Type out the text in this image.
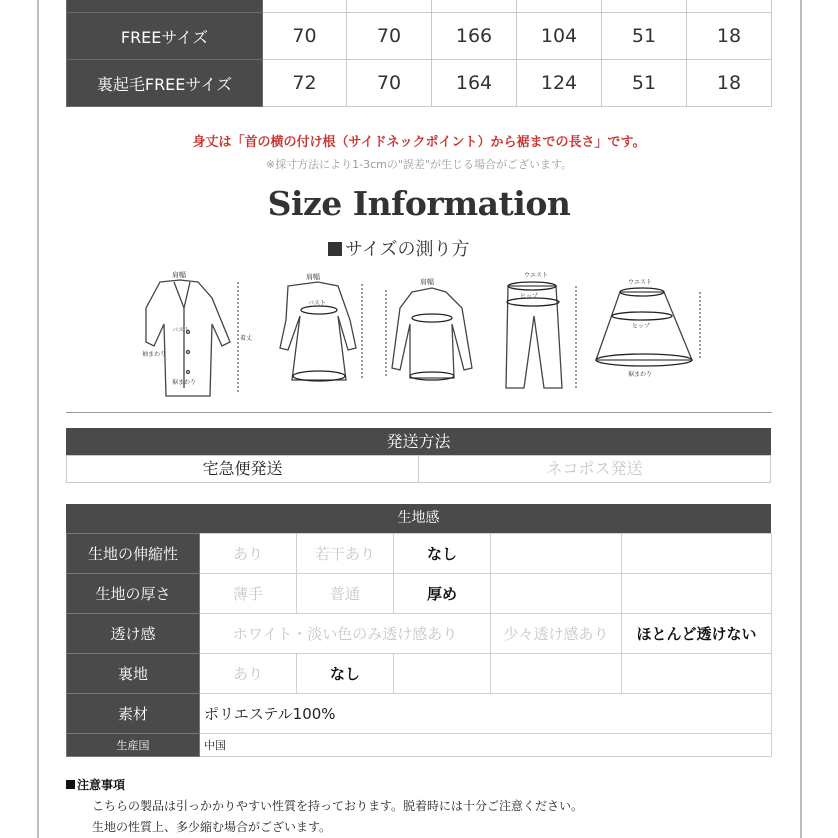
FREEサイズ	70	70	166	104	51	18
裏起毛FREEサイズ	72	70	164	124	51	18
身丈は「首の横の付け根（サイドネックポイント）から裾までの長さ」です。
※採寸方法により1-3cmの"誤差"が生じる場合がございます。
Size Information
サイズの測り方
肩幅
バスト
着丈
袖まわり
裾まわり
肩幅
バスト
肩幅
ウエスト
ヒップ
ウエスト
ヒップ
裾まわり
発送方法
宅急便発送	ネコポス発送
生地感
生地の伸縮性	あり	若干あり	なし		
生地の厚さ	薄手	普通	厚め		
透け感	ホワイト・淡い色のみ透け感あり			少々透け感あり	ほとんど透けない
裏地	あり	なし			
素材	ポリエステル100%				
生産国	中国				
注意事項
こちらの製品は引っかかりやすい性質を持っております。脱着時には十分ご注意ください。
生地の性質上、多少縮む場合がございます。
